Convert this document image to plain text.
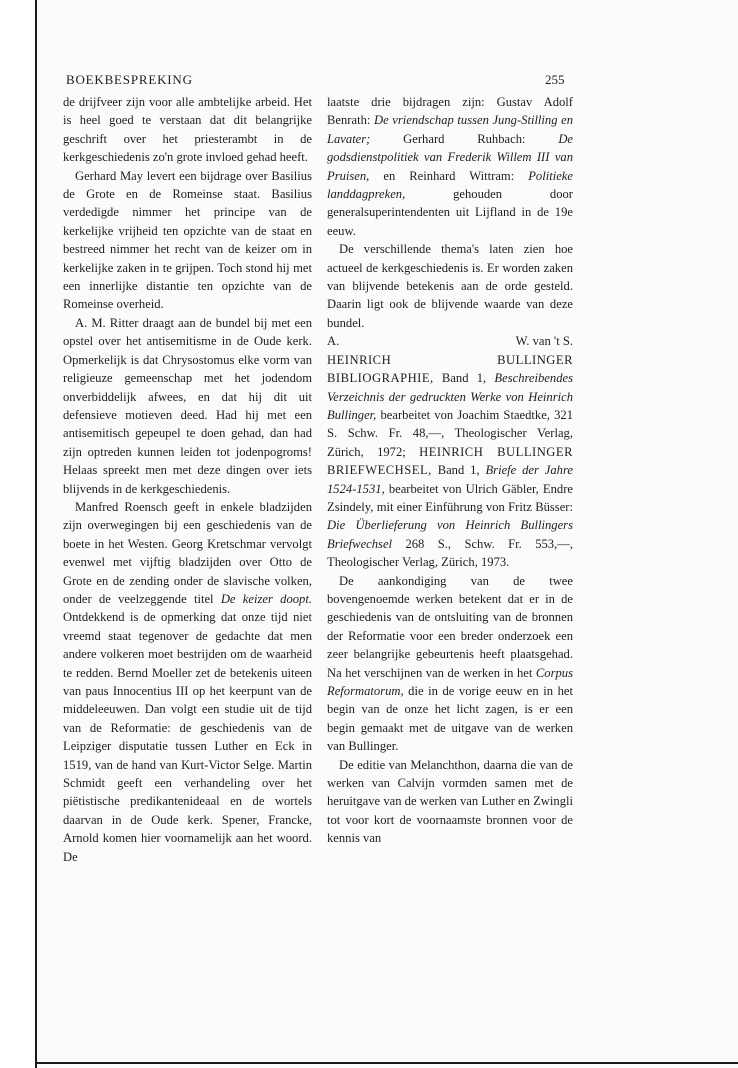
BOEKBESPREKING	255

de drijfveer zijn voor alle ambtelijke arbeid. Het is heel goed te verstaan dat dit belangrijke geschrift over het priesterambt in de kerkgeschiedenis zo'n grote invloed gehad heeft.

Gerhard May levert een bijdrage over Basilius de Grote en de Romeinse staat. Basilius verdedigde nimmer het principe van de kerkelijke vrijheid ten opzichte van de staat en bestreed nimmer het recht van de keizer om in kerkelijke zaken in te grijpen. Toch stond hij met een innerlijke distantie ten opzichte van de Romeinse overheid.

A. M. Ritter draagt aan de bundel bij met een opstel over het antisemitisme in de Oude kerk. Opmerkelijk is dat Chrysostomus elke vorm van religieuze gemeenschap met het jodendom onverbiddelijk afwees, en dat hij dit uit defensieve motieven deed. Had hij met een antisemitisch gepeupel te doen gehad, dan had zijn optreden kunnen leiden tot jodenpogroms! Helaas spreekt men met deze dingen over iets blijvends in de kerkgeschiedenis.

Manfred Roensch geeft in enkele bladzijden zijn overwegingen bij een geschiedenis van de boete in het Westen. Georg Kretschmar vervolgt evenwel met vijftig bladzijden over Otto de Grote en de zending onder de slavische volken, onder de veelzeggende titel De keizer doopt. Ontdekkend is de opmerking dat onze tijd niet vreemd staat tegenover de gedachte dat men andere volkeren moet bestrijden om de waarheid te redden. Bernd Moeller zet de betekenis uiteen van paus Innocentius III op het keerpunt van de middeleeuwen. Dan volgt een studie uit de tijd van de Reformatie: de geschiedenis van de Leipziger disputatie tussen Luther en Eck in 1519, van de hand van Kurt-Victor Selge. Martin Schmidt geeft een verhandeling over het piëtistische predikantenideaal en de wortels daarvan in de Oude kerk. Spener, Francke, Arnold komen hier voornamelijk aan het woord. De

laatste drie bijdragen zijn: Gustav Adolf Benrath: De vriendschap tussen Jung-Stilling en Lavater; Gerhard Ruhbach: De godsdienstpolitiek van Frederik Willem III van Pruisen, en Reinhard Wittram: Politieke landdagpreken, gehouden door generalsuperintendenten uit Lijfland in de 19e eeuw.

De verschillende thema's laten zien hoe actueel de kerkgeschiedenis is. Er worden zaken van blijvende betekenis aan de orde gesteld. Daarin ligt ook de blijvende waarde van deze bundel.

A.	W. van 't S.

HEINRICH BULLINGER BIBLIOGRAPHIE, Band 1, Beschreibendes Verzeichnis der gedruckten Werke von Heinrich Bullinger, bearbeitet von Joachim Staedtke, 321 S. Schw. Fr. 48,—, Theologischer Verlag, Zürich, 1972; HEINRICH BULLINGER BRIEFWECHSEL, Band 1, Briefe der Jahre 1524-1531, bearbeitet von Ulrich Gäbler, Endre Zsindely, mit einer Einführung von Fritz Büsser: Die Überlieferung von Heinrich Bullingers Briefwechsel 268 S., Schw. Fr. 553,—, Theologischer Verlag, Zürich, 1973.

De aankondiging van de twee bovengenoemde werken betekent dat er in de geschiedenis van de ontsluiting van de bronnen der Reformatie voor een breder onderzoek een zeer belangrijke gebeurtenis heeft plaatsgehad. Na het verschijnen van de werken in het Corpus Reformatorum, die in de vorige eeuw en in het begin van de onze het licht zagen, is er een begin gemaakt met de uitgave van de werken van Bullinger.

De editie van Melanchthon, daarna die van de werken van Calvijn vormden samen met de heruitgave van de werken van Luther en Zwingli tot voor kort de voornaamste bronnen voor de kennis van
